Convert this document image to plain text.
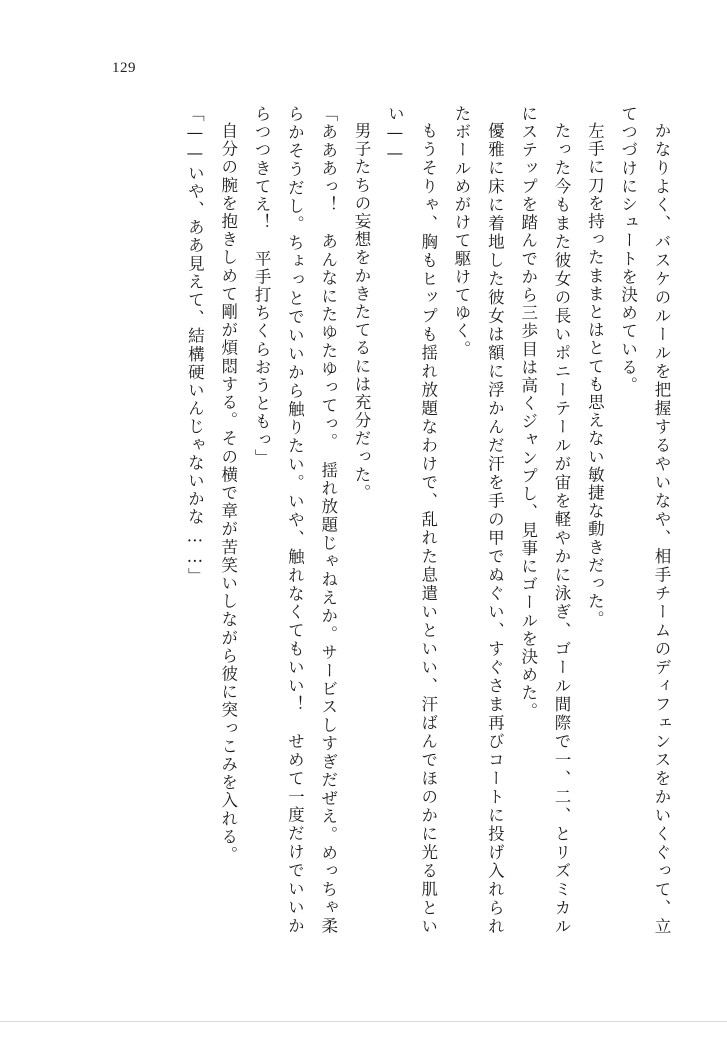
129

かなりよく、バスケのルールを把握するやいなや、相手チームのディフェンスをかいくぐって、立てつづけにシュートを決めている。

左手に刀を持ったままとはとても思えない敏捷な動きだった。

たった今もまた彼女の長いポニーテールが宙を軽やかに泳ぎ、ゴール間際で一、二、とリズミカルにステップを踏んでから三歩目は高くジャンプし、見事にゴールを決めた。

優雅に床に着地した彼女は額に浮かんだ汗を手の甲でぬぐい、すぐさま再びコートに投げ入れられたボールめがけて駆けてゆく。

もうそりゃ、胸もヒップも揺れ放題なわけで、乱れた息遣いといい、汗ばんでほのかに光る肌といい——

男子たちの妄想をかきたてるには充分だった。

「あああっ！　あんなにたゆたゆってっ。　揺れ放題じゃねえか。サービスしすぎだぜえ。めっちゃ柔らかそうだし。ちょっとでいいから触りたい。いや、触れなくてもいい！　せめて一度だけでいいからつつきてえ！　平手打ちくらおうともっ」

自分の腕を抱きしめて剛が煩悶する。その横で章が苦笑いしながら彼に突っこみを入れる。

「——いや、ああ見えて、結構硬いんじゃないかな……」
